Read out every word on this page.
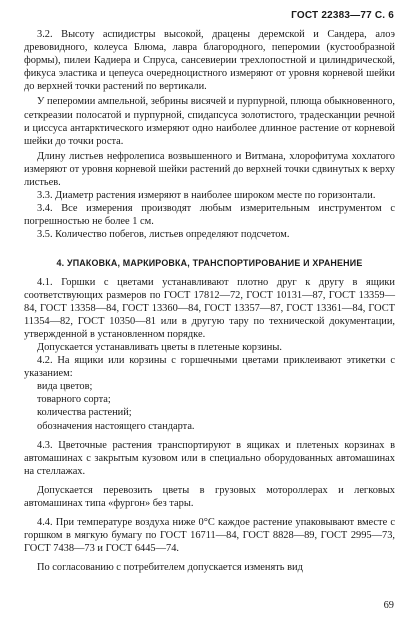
ГОСТ 22383—77 С. 6

3.2. Высоту аспидистры высокой, драцены деремской и Сандера, алоэ древовидного, колеуса Блюма, лавра благородного, пеперомии (кустообразной формы), пилеи Кадиера и Спруса, сансевиерии трехлопостной и цилиндрической, фикуса эластика и цепеуса очередноцистного измеряют от уровня корневой шейки до верхней точки растений по вертикали.

У пеперомии ампельной, зебрины висячей и пурпурной, плюща обыкновенного, сеткреазии полосатой и пурпурной, спидапсуса золотистого, традесканции речной и циссуса антарктического измеряют одно наиболее длинное растение от корневой шейки до точки роста.

Длину листьев нефролеписа возвышенного и Витмана, хлорофитума хохлатого измеряют от уровня корневой шейки растений до верхней точки сдвинутых к верху листьев.

3.3. Диаметр растения измеряют в наиболее широком месте по горизонтали.

3.4. Все измерения производят любым измерительным инструментом с погрешностью не более 1 см.

3.5. Количество побегов, листьев определяют подсчетом.

4. УПАКОВКА, МАРКИРОВКА, ТРАНСПОРТИРОВАНИЕ И ХРАНЕНИЕ

4.1. Горшки с цветами устанавливают плотно друг к другу в ящики соответствующих размеров по ГОСТ 17812—72, ГОСТ 10131—87, ГОСТ 13359—84, ГОСТ 13358—84, ГОСТ 13360—84, ГОСТ 13357—87, ГОСТ 13361—84, ГОСТ 11354—82, ГОСТ 10350—81 или в другую тару по технической документации, утвержденной в установленном порядке.

Допускается устанавливать цветы в плетеные корзины.

4.2. На ящики или корзины с горшечными цветами приклеивают этикетки с указанием:

вида цветов;
товарного сорта;
количества растений;
обозначения настоящего стандарта.

4.3. Цветочные растения транспортируют в ящиках и плетеных корзинах в автомашинах с закрытым кузовом или в специально оборудованных автомашинах на стеллажах.

Допускается перевозить цветы в грузовых мотороллерах и легковых автомашинах типа «фургон» без тары.

4.4. При температуре воздуха ниже 0°С каждое растение упаковывают вместе с горшком в мягкую бумагу по ГОСТ 16711—84, ГОСТ 8828—89, ГОСТ 2995—73, ГОСТ 7438—73 и ГОСТ 6445—74.

По согласованию с потребителем допускается изменять вид

69
